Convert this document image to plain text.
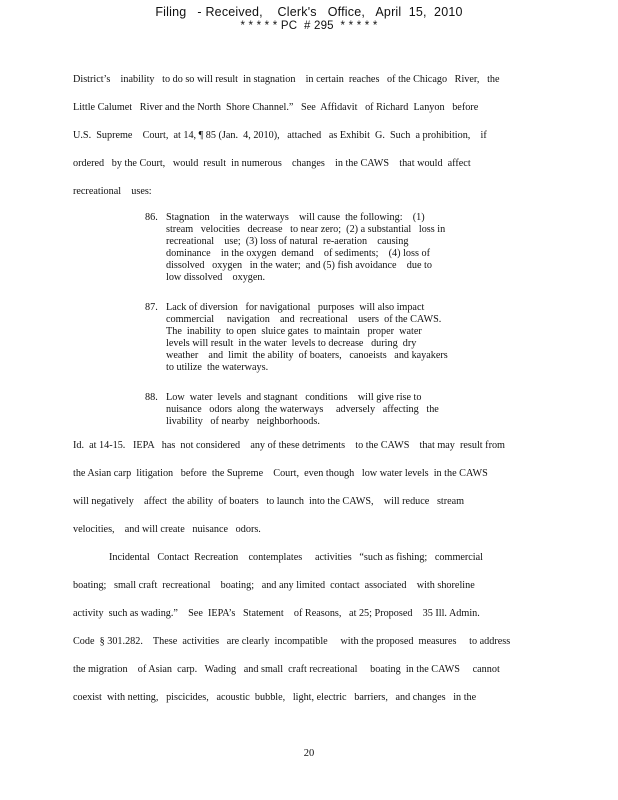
Filing   - Received,    Clerk's   Office,   April  15,  2010
* * * * * PC  # 295  * * * * *
District’s    inability   to do so will result  in stagnation    in certain  reaches   of the Chicago   River,   the
Little Calumet   River and the North  Shore Channel.”   See  Affidavit   of Richard  Lanyon   before
U.S.  Supreme    Court,  at 14, ¶ 85 (Jan.  4, 2010),   attached   as Exhibit  G.  Such  a prohibition,    if
ordered   by the Court,   would  result  in numerous    changes    in the CAWS    that would  affect
recreational    uses:
86. Stagnation    in the waterways    will cause  the following:    (1)
stream   velocities   decrease   to near zero;  (2) a substantial   loss in
recreational    use;  (3) loss of natural  re-aeration    causing
dominance    in the oxygen  demand    of sediments;    (4) loss of
dissolved   oxygen   in the water;  and (5) fish avoidance    due to
low dissolved    oxygen.
87. Lack of diversion   for navigational   purposes  will also impact
commercial     navigation    and  recreational    users  of the CAWS.
The  inability  to open  sluice gates  to maintain   proper  water
levels will result  in the water  levels to decrease   during  dry
weather    and  limit  the ability  of boaters,   canoeists   and kayakers
to utilize  the waterways.
88. Low  water  levels  and stagnant   conditions    will give rise to
nuisance   odors  along  the waterways     adversely   affecting   the
livability   of nearby   neighborhoods.
Id.  at 14-15.   IEPA   has  not considered    any of these detriments    to the CAWS    that may  result from
the Asian carp  litigation   before  the Supreme    Court,  even though   low water levels  in the CAWS
will negatively    affect  the ability  of boaters   to launch  into the CAWS,    will reduce   stream
velocities,    and will create   nuisance   odors.
Incidental   Contact  Recreation    contemplates     activities   “such as fishing;   commercial
boating;   small craft  recreational    boating;   and any limited  contact  associated    with shoreline
activity  such as wading.”    See  IEPA’s   Statement    of Reasons,   at 25; Proposed    35 Ill. Admin.
Code  § 301.282.    These  activities   are clearly  incompatible     with the proposed  measures     to address
the migration    of Asian  carp.   Wading   and small  craft recreational     boating  in the CAWS     cannot
coexist  with netting,   piscicides,   acoustic  bubble,   light, electric   barriers,   and changes   in the
20
